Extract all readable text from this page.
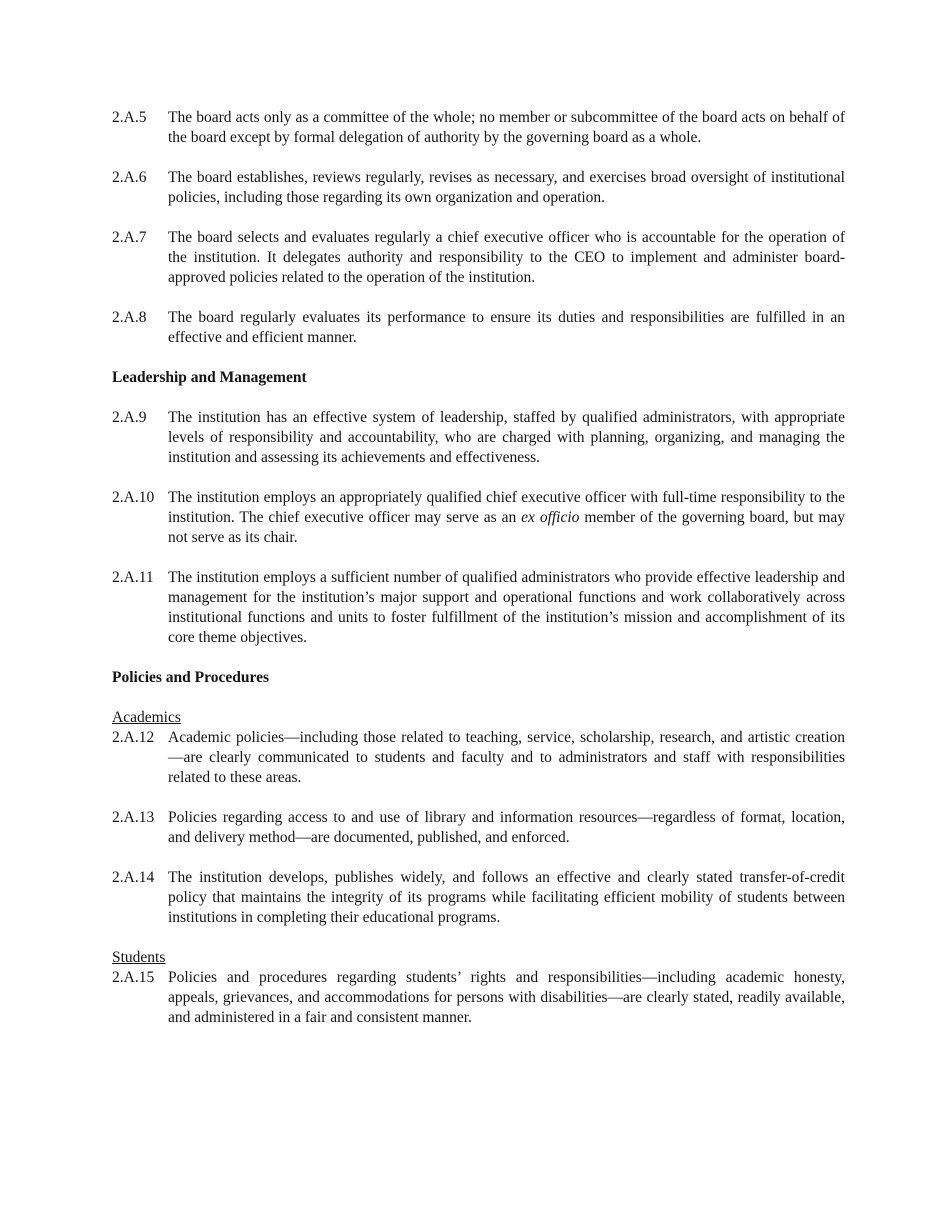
2.A.5	The board acts only as a committee of the whole; no member or subcommittee of the board acts on behalf of the board except by formal delegation of authority by the governing board as a whole.
2.A.6	The board establishes, reviews regularly, revises as necessary, and exercises broad oversight of institutional policies, including those regarding its own organization and operation.
2.A.7	The board selects and evaluates regularly a chief executive officer who is accountable for the operation of the institution. It delegates authority and responsibility to the CEO to implement and administer board-approved policies related to the operation of the institution.
2.A.8	The board regularly evaluates its performance to ensure its duties and responsibilities are fulfilled in an effective and efficient manner.
Leadership and Management
2.A.9	The institution has an effective system of leadership, staffed by qualified administrators, with appropriate levels of responsibility and accountability, who are charged with planning, organizing, and managing the institution and assessing its achievements and effectiveness.
2.A.10 The institution employs an appropriately qualified chief executive officer with full-time responsibility to the institution. The chief executive officer may serve as an ex officio member of the governing board, but may not serve as its chair.
2.A.11 The institution employs a sufficient number of qualified administrators who provide effective leadership and management for the institution’s major support and operational functions and work collaboratively across institutional functions and units to foster fulfillment of the institution’s mission and accomplishment of its core theme objectives.
Policies and Procedures
Academics
2.A.12 Academic policies—including those related to teaching, service, scholarship, research, and artistic creation—are clearly communicated to students and faculty and to administrators and staff with responsibilities related to these areas.
2.A.13 Policies regarding access to and use of library and information resources—regardless of format, location, and delivery method—are documented, published, and enforced.
2.A.14 The institution develops, publishes widely, and follows an effective and clearly stated transfer-of-credit policy that maintains the integrity of its programs while facilitating efficient mobility of students between institutions in completing their educational programs.
Students
2.A.15 Policies and procedures regarding students’ rights and responsibilities—including academic honesty, appeals, grievances, and accommodations for persons with disabilities—are clearly stated, readily available, and administered in a fair and consistent manner.
